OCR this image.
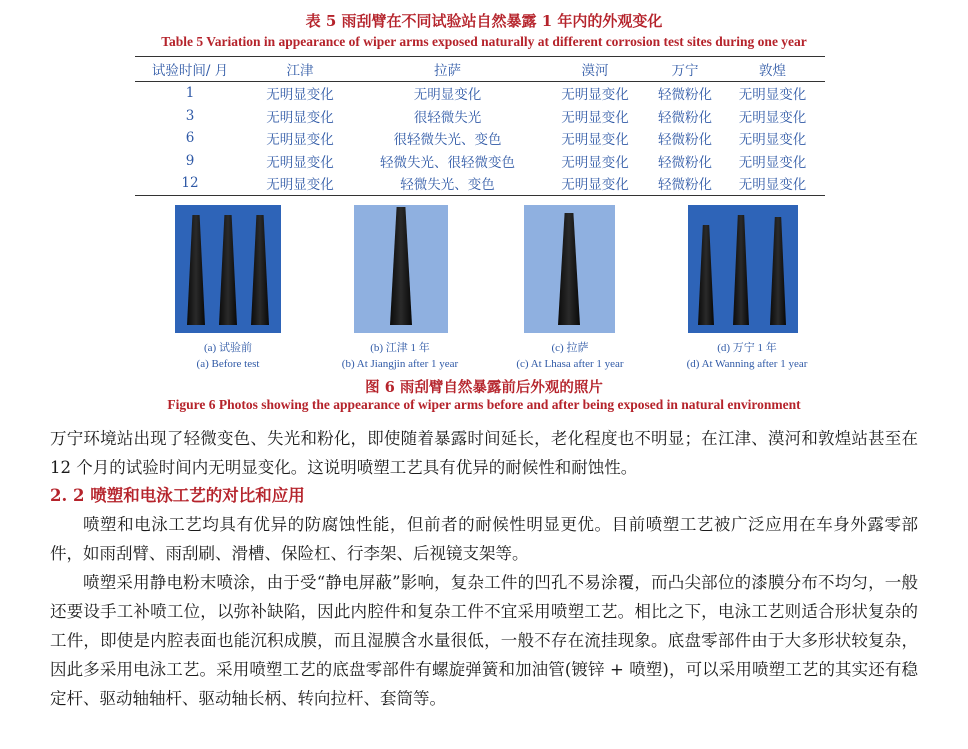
表 5 雨刮臂在不同试验站自然暴露 1 年内的外观变化
Table 5 Variation in appearance of wiper arms exposed naturally at different corrosion test sites during one year
试验时间/ 月	江津	拉萨	漠河	万宁	敦煌
1	无明显变化	无明显变化	无明显变化	轻微粉化	无明显变化
3	无明显变化	很轻微失光	无明显变化	轻微粉化	无明显变化
6	无明显变化	很轻微失光、变色	无明显变化	轻微粉化	无明显变化
9	无明显变化	轻微失光、很轻微变色	无明显变化	轻微粉化	无明显变化
12	无明显变化	轻微失光、变色	无明显变化	轻微粉化	无明显变化
(a) 试验前
(a) Before test
(b) 江津 1 年
(b) At Jiangjin after 1 year
(c) 拉萨
(c) At Lhasa after 1 year
(d) 万宁 1 年
(d) At Wanning after 1 year
图 6 雨刮臂自然暴露前后外观的照片
Figure 6 Photos showing the appearance of wiper arms before and after being exposed in natural environment
万宁环境站出现了轻微变色、失光和粉化，即使随着暴露时间延长，老化程度也不明显；在江津、漠河和敦煌站甚至在 12 个月的试验时间内无明显变化。这说明喷塑工艺具有优异的耐候性和耐蚀性。
2. 2 喷塑和电泳工艺的对比和应用
喷塑和电泳工艺均具有优异的防腐蚀性能，但前者的耐候性明显更优。目前喷塑工艺被广泛应用在车身外露零部件，如雨刮臂、雨刮刷、滑槽、保险杠、行李架、后视镜支架等。
喷塑采用静电粉末喷涂，由于受“静电屏蔽”影响，复杂工件的凹孔不易涂覆，而凸尖部位的漆膜分布不均匀，一般还要设手工补喷工位，以弥补缺陷，因此内腔件和复杂工件不宜采用喷塑工艺。相比之下，电泳工艺则适合形状复杂的工件，即使是内腔表面也能沉积成膜，而且湿膜含水量很低，一般不存在流挂现象。底盘零部件由于大多形状较复杂，因此多采用电泳工艺。采用喷塑工艺的底盘零部件有螺旋弹簧和加油管(镀锌 + 喷塑)，可以采用喷塑工艺的其实还有稳定杆、驱动轴轴杆、驱动轴长柄、转向拉杆、套筒等。
